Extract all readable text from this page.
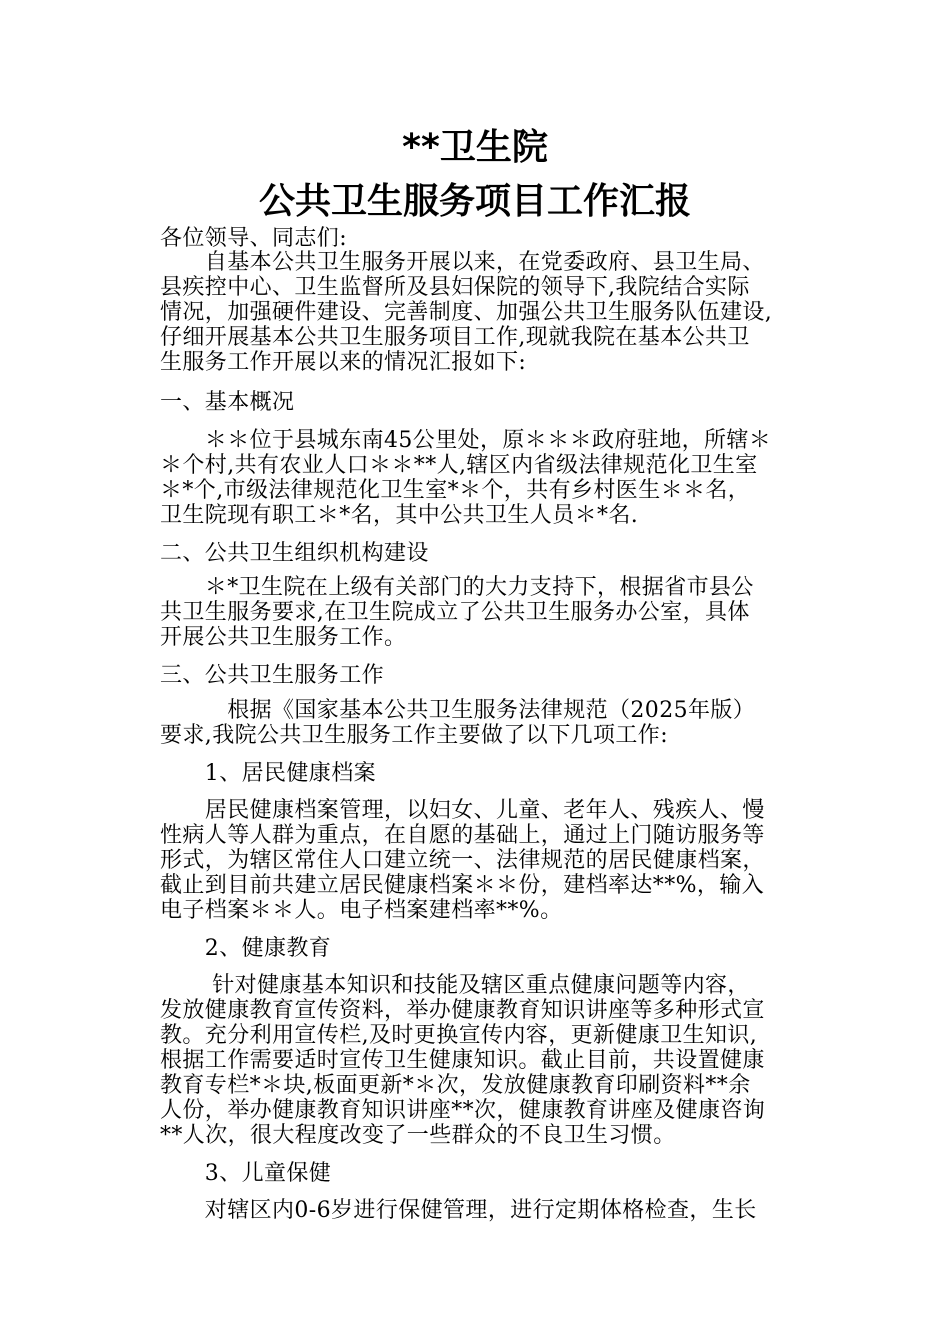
**卫生院
公共卫生服务项目工作汇报
各位领导、同志们:
　　自基本公共卫生服务开展以来，在党委政府、县卫生局、
县疾控中心、卫生监督所及县妇保院的领导下,我院结合实际
情况，加强硬件建设、完善制度、加强公共卫生服务队伍建设,
仔细开展基本公共卫生服务项目工作,现就我院在基本公共卫
生服务工作开展以来的情况汇报如下:
一、基本概况
　　＊＊位于县城东南45公里处，原＊＊＊政府驻地，所辖＊
＊个村,共有农业人口＊＊**人,辖区内省级法律规范化卫生室
＊*个,市级法律规范化卫生室*＊个，共有乡村医生＊＊名，
卫生院现有职工＊*名，其中公共卫生人员＊*名.
二、公共卫生组织机构建设
　　＊*卫生院在上级有关部门的大力支持下，根据省市县公
共卫生服务要求,在卫生院成立了公共卫生服务办公室，具体
开展公共卫生服务工作。
三、公共卫生服务工作
　　　根据《国家基本公共卫生服务法律规范（2025年版）
要求,我院公共卫生服务工作主要做了以下几项工作:
　　1、居民健康档案
　　居民健康档案管理，以妇女、儿童、老年人、残疾人、慢
性病人等人群为重点，在自愿的基础上，通过上门随访服务等
形式，为辖区常住人口建立统一、法律规范的居民健康档案，
截止到目前共建立居民健康档案＊＊份，建档率达**%，输入
电子档案＊＊人。电子档案建档率**%。
　　2、健康教育
　　 针对健康基本知识和技能及辖区重点健康问题等内容，
发放健康教育宣传资料，举办健康教育知识讲座等多种形式宣
教。充分利用宣传栏,及时更换宣传内容，更新健康卫生知识,
根据工作需要适时宣传卫生健康知识。截止目前，共设置健康
教育专栏*＊块,板面更新*＊次，发放健康教育印刷资料**余
人份，举办健康教育知识讲座**次，健康教育讲座及健康咨询
**人次，很大程度改变了一些群众的不良卫生习惯。
　　3、儿童保健
　　对辖区内0-6岁进行保健管理，进行定期体格检查，生长
